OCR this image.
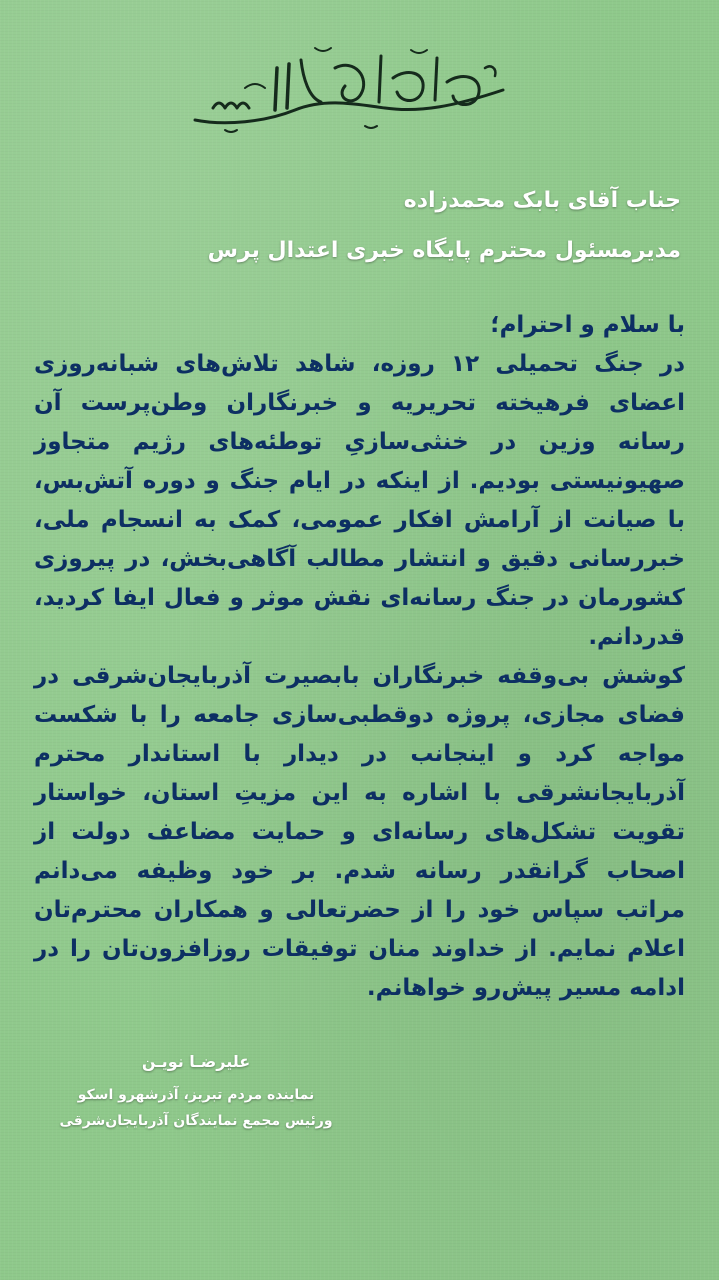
جناب آقای بابک محمدزاده
مدیرمسئول محترم پایگاه خبری اعتدال پرس

با سلام و احترام؛

در جنگ تحمیلی ۱۲ روزه، شاهد تلاش‌های شبانه‌روزی اعضای فرهیخته تحریریه و خبرنگاران وطن‌پرست آن رسانه وزین در خنثی‌سازیِ توطئه‌های رژیم متجاوز صهیونیستی بودیم. از اینکه در ایام جنگ و دوره آتش‌بس، با صیانت از آرامش افکار عمومی، کمک به انسجام ملی، خبررسانی دقیق و انتشار مطالب آگاهی‌بخش، در پیروزی کشورمان در جنگ رسانه‌ای نقش موثر و فعال ایفا کردید، قدردانم.

کوشش بی‌وقفه خبرنگاران بابصیرت آذربایجان‌شرقی در فضای مجازی، پروژه دوقطبی‌سازی جامعه را با شکست مواجه کرد و اینجانب در دیدار با استاندار محترم آذربایجانشرقی با اشاره به این مزیتِ استان، خواستار تقویت تشکل‌های رسانه‌ای و حمایت مضاعف دولت از اصحاب گرانقدر رسانه شدم. بر خود وظیفه می‌دانم مراتب سپاس خود را از حضرتعالی و همکاران محترم‌تان اعلام نمایم. از خداوند منان توفیقات روزافزون‌تان را در ادامه مسیر پیش‌رو خواهانم.

علیرضـا نویـن
نماینده مردم تبریز، آذرشهرو اسکو
ورئیس مجمع نمایندگان آذربایجان‌شرقی
